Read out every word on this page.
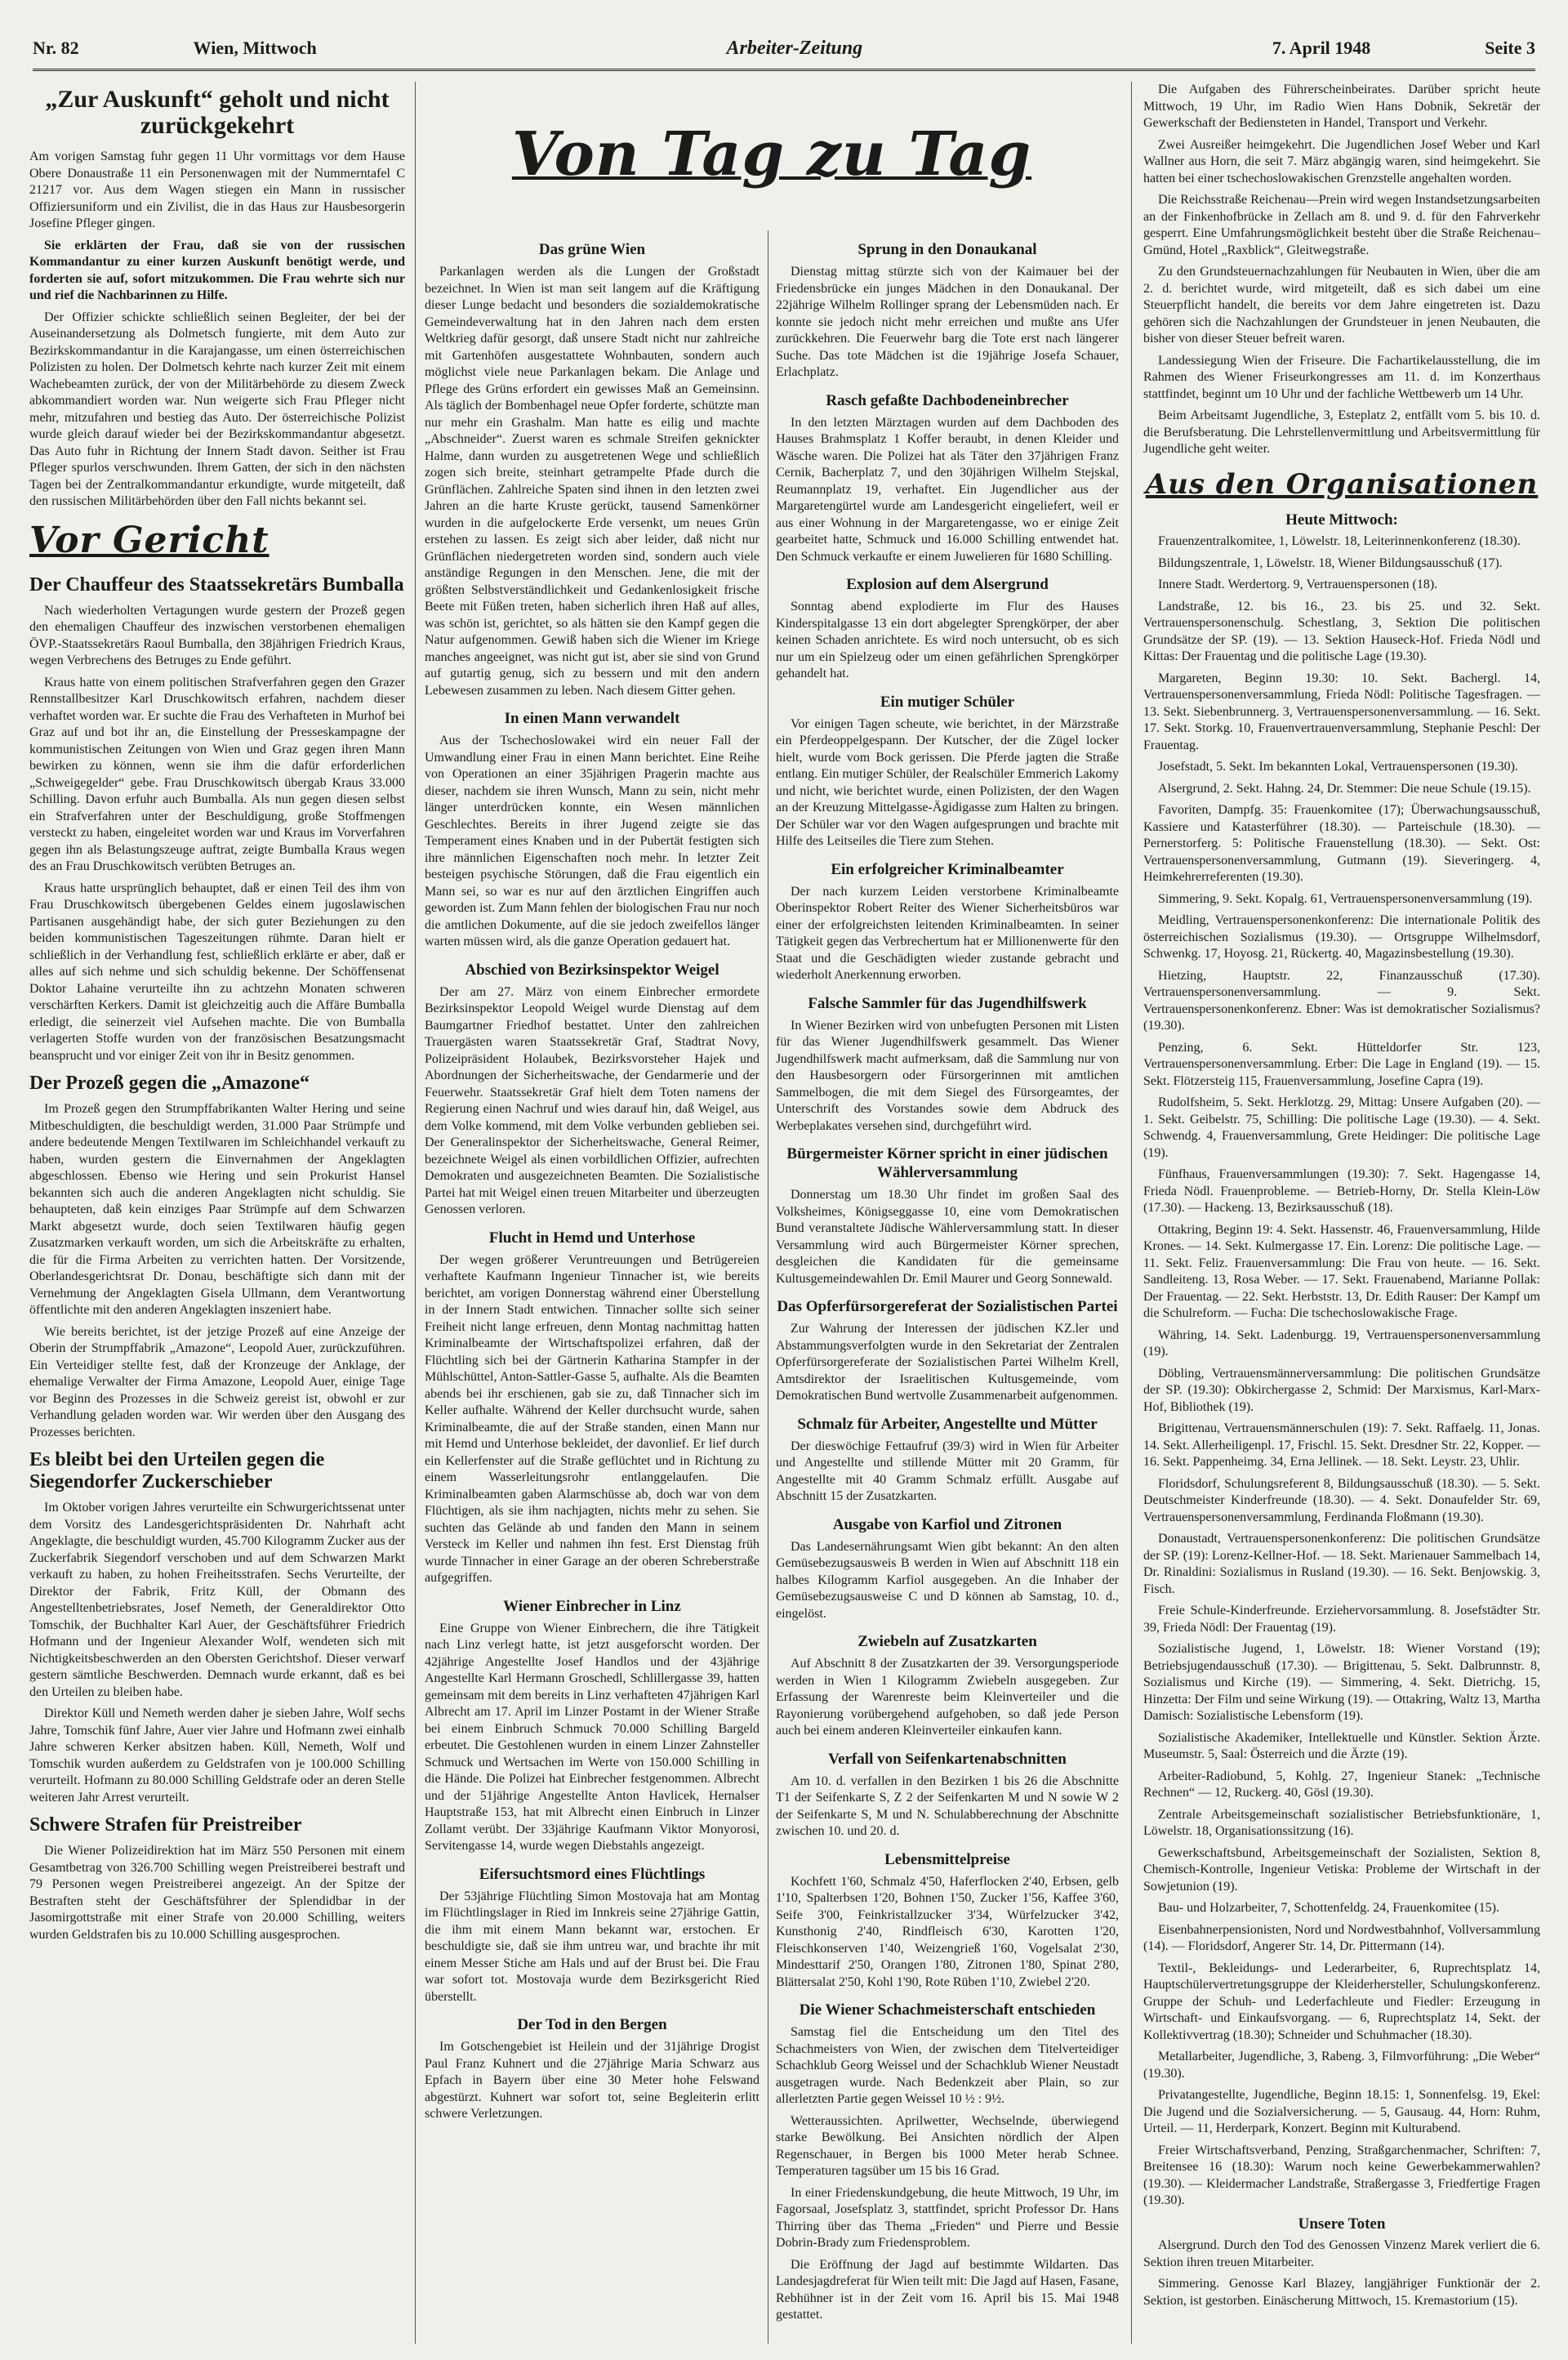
Nr. 82	Wien, Mittwoch	Arbeiter-Zeitung	7. April 1948	Seite 3
Von Tag zu Tag
„Zur Auskunft“ geholt und nicht zurückgekehrt

Am vorigen Samstag fuhr gegen 11 Uhr vormittags vor dem Hause Obere Donaustraße 11 ein Personenwagen mit der Nummerntafel C 21217 vor. Aus dem Wagen stiegen ein Mann in russischer Offiziersuniform und ein Zivilist, die in das Haus zur Hausbesorgerin Josefine Pfleger gingen.

Sie erklärten der Frau, daß sie von der russischen Kommandantur zu einer kurzen Auskunft benötigt werde, und forderten sie auf, sofort mitzukommen. Die Frau wehrte sich nur und rief die Nachbarinnen zu Hilfe.

Der Offizier schickte schließlich seinen Begleiter, der bei der Auseinandersetzung als Dolmetsch fungierte, mit dem Auto zur Bezirkskommandantur in die Karajangasse, um einen österreichischen Polizisten zu holen. Der Dolmetsch kehrte nach kurzer Zeit mit einem Wachebeamten zurück, der von der Militärbehörde zu diesem Zweck abkommandiert worden war. Nun weigerte sich Frau Pfleger nicht mehr, mitzufahren und bestieg das Auto. Der österreichische Polizist wurde gleich darauf wieder bei der Bezirkskommandantur abgesetzt. Das Auto fuhr in Richtung der Innern Stadt davon. Seither ist Frau Pfleger spurlos verschwunden. Ihrem Gatten, der sich in den nächsten Tagen bei der Zentralkommandantur erkundigte, wurde mitgeteilt, daß den russischen Militärbehörden über den Fall nichts bekannt sei.

Vor Gericht
Der Chauffeur des Staatssekretärs Bumballa

Nach wiederholten Vertagungen wurde gestern der Prozeß gegen den ehemaligen Chauffeur des inzwischen verstorbenen ehemaligen ÖVP.-Staatssekretärs Raoul Bumballa, den 38jährigen Friedrich Kraus, wegen Verbrechens des Betruges zu Ende geführt.

Kraus hatte von einem politischen Strafverfahren gegen den Grazer Rennstallbesitzer Karl Druschkowitsch erfahren, nachdem dieser verhaftet worden war. Er suchte die Frau des Verhafteten in Murhof bei Graz auf und bot ihr an, die Einstellung der Presseskampagne der kommunistischen Zeitungen von Wien und Graz gegen ihren Mann bewirken zu können, wenn sie ihm die dafür erforderlichen „Schweigegelder“ gebe. Frau Druschkowitsch übergab Kraus 33.000 Schilling. Davon erfuhr auch Bumballa. Als nun gegen diesen selbst ein Strafverfahren unter der Beschuldigung, große Stoffmengen versteckt zu haben, eingeleitet worden war und Kraus im Vorverfahren gegen ihn als Belastungszeuge auftrat, zeigte Bumballa Kraus wegen des an Frau Druschkowitsch verübten Betruges an.

Kraus hatte ursprünglich behauptet, daß er einen Teil des ihm von Frau Druschkowitsch übergebenen Geldes einem jugoslawischen Partisanen ausgehändigt habe, der sich guter Beziehungen zu den beiden kommunistischen Tageszeitungen rühmte. Daran hielt er schließlich in der Verhandlung fest, schließlich erklärte er aber, daß er alles auf sich nehme und sich schuldig bekenne. Der Schöffensenat Doktor Lahaine verurteilte ihn zu achtzehn Monaten schweren verschärften Kerkers. Damit ist gleichzeitig auch die Affäre Bumballa erledigt, die seinerzeit viel Aufsehen machte. Die von Bumballa verlagerten Stoffe wurden von der französischen Besatzungsmacht beansprucht und vor einiger Zeit von ihr in Besitz genommen.

Der Prozeß gegen die „Amazone“

Im Prozeß gegen den Strumpffabrikanten Walter Hering und seine Mitbeschuldigten, die beschuldigt werden, 31.000 Paar Strümpfe und andere bedeutende Mengen Textilwaren im Schleichhandel verkauft zu haben, wurden gestern die Einvernahmen der Angeklagten abgeschlossen. Ebenso wie Hering und sein Prokurist Hansel bekannten sich auch die anderen Angeklagten nicht schuldig. Sie behaupteten, daß kein einziges Paar Strümpfe auf dem Schwarzen Markt abgesetzt wurde, doch seien Textilwaren häufig gegen Zusatzmarken verkauft worden, um sich die Arbeitskräfte zu erhalten, die für die Firma Arbeiten zu verrichten hatten. Der Vorsitzende, Oberlandesgerichtsrat Dr. Donau, beschäftigte sich dann mit der Vernehmung der Angeklagten Gisela Ullmann, dem Verantwortung öffentlichte mit den anderen Angeklagten inszeniert habe.

Wie bereits berichtet, ist der jetzige Prozeß auf eine Anzeige der Oberin der Strumpffabrik „Amazone“, Leopold Auer, zurückzuführen. Ein Verteidiger stellte fest, daß der Kronzeuge der Anklage, der ehemalige Verwalter der Firma Amazone, Leopold Auer, einige Tage vor Beginn des Prozesses in die Schweiz gereist ist, obwohl er zur Verhandlung geladen worden war. Wir werden über den Ausgang des Prozesses berichten.

Es bleibt bei den Urteilen gegen die Siegendorfer Zuckerschieber

Im Oktober vorigen Jahres verurteilte ein Schwurgerichtssenat unter dem Vorsitz des Landesgerichtspräsidenten Dr. Nahrhaft acht Angeklagte, die beschuldigt wurden, 45.700 Kilogramm Zucker aus der Zuckerfabrik Siegendorf verschoben und auf dem Schwarzen Markt verkauft zu haben, zu hohen Freiheitsstrafen. Sechs Verurteilte, der Direktor der Fabrik, Fritz Küll, der Obmann des Angestelltenbetriebsrates, Josef Nemeth, der Generaldirektor Otto Tomschik, der Buchhalter Karl Auer, der Geschäftsführer Friedrich Hofmann und der Ingenieur Alexander Wolf, wendeten sich mit Nichtigkeitsbeschwerden an den Obersten Gerichtshof. Dieser verwarf gestern sämtliche Beschwerden. Demnach wurde erkannt, daß es bei den Urteilen zu bleiben habe.

Direktor Küll und Nemeth werden daher je sieben Jahre, Wolf sechs Jahre, Tomschik fünf Jahre, Auer vier Jahre und Hofmann zwei einhalb Jahre schweren Kerker absitzen haben. Küll, Nemeth, Wolf und Tomschik wurden außerdem zu Geldstrafen von je 100.000 Schilling verurteilt. Hofmann zu 80.000 Schilling Geldstrafe oder an deren Stelle weiteren Jahr Arrest verurteilt.

Schwere Strafen für Preistreiber

Die Wiener Polizeidirektion hat im März 550 Personen mit einem Gesamtbetrag von 326.700 Schilling wegen Preistreiberei bestraft und 79 Personen wegen Preistreiberei angezeigt. An der Spitze der Bestraften steht der Geschäftsführer der Splendidbar in der Jasomirgottstraße mit einer Strafe von 20.000 Schilling, weiters wurden Geldstrafen bis zu 10.000 Schilling ausgesprochen.

Das grüne Wien

Parkanlagen werden als die Lungen der Großstadt bezeichnet. In Wien ist man seit langem auf die Kräftigung dieser Lunge bedacht und besonders die sozialdemokratische Gemeindeverwaltung hat in den Jahren nach dem ersten Weltkrieg dafür gesorgt, daß unsere Stadt nicht nur zahlreiche mit Gartenhöfen ausgestattete Wohnbauten, sondern auch möglichst viele neue Parkanlagen bekam. Die Anlage und Pflege des Grüns erfordert ein gewisses Maß an Gemeinsinn. Als täglich der Bombenhagel neue Opfer forderte, schützte man nur mehr ein Grashalm. Man hatte es eilig und machte „Abschneider“. Zuerst waren es schmale Streifen geknickter Halme, dann wurden zu ausgetretenen Wege und schließlich zogen sich breite, steinhart getrampelte Pfade durch die Grünflächen. Zahlreiche Spaten sind ihnen in den letzten zwei Jahren an die harte Kruste gerückt, tausend Samenkörner wurden in die aufgelockerte Erde versenkt, um neues Grün erstehen zu lassen. Es zeigt sich aber leider, daß nicht nur Grünflächen niedergetreten worden sind, sondern auch viele anständige Regungen in den Menschen. Jene, die mit der größten Selbstverständlichkeit und Gedankenlosigkeit frische Beete mit Füßen treten, haben sicherlich ihren Haß auf alles, was schön ist, gerichtet, so als hätten sie den Kampf gegen die Natur aufgenommen. Gewiß haben sich die Wiener im Kriege manches angeeignet, was nicht gut ist, aber sie sind von Grund auf gutartig genug, sich zu bessern und mit den andern Lebewesen zusammen zu leben. Nach diesem Gitter gehen.

In einen Mann verwandelt

Aus der Tschechoslowakei wird ein neuer Fall der Umwandlung einer Frau in einen Mann berichtet. Eine Reihe von Operationen an einer 35jährigen Pragerin machte aus dieser, nachdem sie ihren Wunsch, Mann zu sein, nicht mehr länger unterdrücken konnte, ein Wesen männlichen Geschlechtes. Bereits in ihrer Jugend zeigte sie das Temperament eines Knaben und in der Pubertät festigten sich ihre männlichen Eigenschaften noch mehr. In letzter Zeit besteigen psychische Störungen, daß die Frau eigentlich ein Mann sei, so war es nur auf den ärztlichen Eingriffen auch geworden ist. Zum Mann fehlen der biologischen Frau nur noch die amtlichen Dokumente, auf die sie jedoch zweifellos länger warten müssen wird, als die ganze Operation gedauert hat.

Abschied von Bezirksinspektor Weigel

Der am 27. März von einem Einbrecher ermordete Bezirksinspektor Leopold Weigel wurde Dienstag auf dem Baumgartner Friedhof bestattet. Unter den zahlreichen Trauergästen waren Staatssekretär Graf, Stadtrat Novy, Polizeipräsident Holaubek, Bezirksvorsteher Hajek und Abordnungen der Sicherheitswache, der Gendarmerie und der Feuerwehr. Staatssekretär Graf hielt dem Toten namens der Regierung einen Nachruf und wies darauf hin, daß Weigel, aus dem Volke kommend, mit dem Volke verbunden geblieben sei. Der Generalinspektor der Sicherheitswache, General Reimer, bezeichnete Weigel als einen vorbildlichen Offizier, aufrechten Demokraten und ausgezeichneten Beamten. Die Sozialistische Partei hat mit Weigel einen treuen Mitarbeiter und überzeugten Genossen verloren.

Flucht in Hemd und Unterhose

Der wegen größerer Veruntreuungen und Betrügereien verhaftete Kaufmann Ingenieur Tinnacher ist, wie bereits berichtet, am vorigen Donnerstag während einer Überstellung in der Innern Stadt entwichen. Tinnacher sollte sich seiner Freiheit nicht lange erfreuen, denn Montag nachmittag hatten Kriminalbeamte der Wirtschaftspolizei erfahren, daß der Flüchtling sich bei der Gärtnerin Katharina Stampfer in der Mühlschüttel, Anton-Sattler-Gasse 5, aufhalte. Als die Beamten abends bei ihr erschienen, gab sie zu, daß Tinnacher sich im Keller aufhalte. Während der Keller durchsucht wurde, sahen Kriminalbeamte, die auf der Straße standen, einen Mann nur mit Hemd und Unterhose bekleidet, der davonlief. Er lief durch ein Kellerfenster auf die Straße geflüchtet und in Richtung zu einem Wasserleitungsrohr entlanggelaufen. Die Kriminalbeamten gaben Alarmschüsse ab, doch war von dem Flüchtigen, als sie ihm nachjagten, nichts mehr zu sehen. Sie suchten das Gelände ab und fanden den Mann in seinem Versteck im Keller und nahmen ihn fest. Erst Dienstag früh wurde Tinnacher in einer Garage an der oberen Schreberstraße aufgegriffen.

Wiener Einbrecher in Linz

Eine Gruppe von Wiener Einbrechern, die ihre Tätigkeit nach Linz verlegt hatte, ist jetzt ausgeforscht worden. Der 42jährige Angestellte Josef Handlos und der 43jährige Angestellte Karl Hermann Groschedl, Schlillergasse 39, hatten gemeinsam mit dem bereits in Linz verhafteten 47jährigen Karl Albrecht am 17. April im Linzer Postamt in der Wiener Straße bei einem Einbruch Schmuck 70.000 Schilling Bargeld erbeutet. Die Gestohlenen wurden in einem Linzer Zahnsteller Schmuck und Wertsachen im Werte von 150.000 Schilling in die Hände. Die Polizei hat Einbrecher festgenommen. Albrecht und der 51jährige Angestellte Anton Havlicek, Hernalser Hauptstraße 153, hat mit Albrecht einen Einbruch in Linzer Zollamt verübt. Der 33jährige Kaufmann Viktor Monyorosi, Servitengasse 14, wurde wegen Diebstahls angezeigt.

Eifersuchtsmord eines Flüchtlings

Der 53jährige Flüchtling Simon Mostovaja hat am Montag im Flüchtlingslager in Ried im Innkreis seine 27jährige Gattin, die ihm mit einem Mann bekannt war, erstochen. Er beschuldigte sie, daß sie ihm untreu war, und brachte ihr mit einem Messer Stiche am Hals und auf der Brust bei. Die Frau war sofort tot. Mostovaja wurde dem Bezirksgericht Ried überstellt.

Der Tod in den Bergen

Im Gotschengebiet ist Heilein und der 31jährige Drogist Paul Franz Kuhnert und die 27jährige Maria Schwarz aus Epfach in Bayern über eine 30 Meter hohe Felswand abgestürzt. Kuhnert war sofort tot, seine Begleiterin erlitt schwere Verletzungen.

Sprung in den Donaukanal

Dienstag mittag stürzte sich von der Kaimauer bei der Friedensbrücke ein junges Mädchen in den Donaukanal. Der 22jährige Wilhelm Rollinger sprang der Lebensmüden nach. Er konnte sie jedoch nicht mehr erreichen und mußte ans Ufer zurückkehren. Die Feuerwehr barg die Tote erst nach längerer Suche. Das tote Mädchen ist die 19jährige Josefa Schauer, Erlachplatz.

Rasch gefaßte Dachbodeneinbrecher

In den letzten Märztagen wurden auf dem Dachboden des Hauses Brahmsplatz 1 Koffer beraubt, in denen Kleider und Wäsche waren. Die Polizei hat als Täter den 37jährigen Franz Cernik, Bacherplatz 7, und den 30jährigen Wilhelm Stejskal, Reumannplatz 19, verhaftet. Ein Jugendlicher aus der Margaretengürtel wurde am Landesgericht eingeliefert, weil er aus einer Wohnung in der Margaretengasse, wo er einige Zeit gearbeitet hatte, Schmuck und 16.000 Schilling entwendet hat. Den Schmuck verkaufte er einem Juwelieren für 1680 Schilling.

Explosion auf dem Alsergrund

Sonntag abend explodierte im Flur des Hauses Kinderspitalgasse 13 ein dort abgelegter Sprengkörper, der aber keinen Schaden anrichtete. Es wird noch untersucht, ob es sich nur um ein Spielzeug oder um einen gefährlichen Sprengkörper gehandelt hat.

Ein mutiger Schüler

Vor einigen Tagen scheute, wie berichtet, in der Märzstraße ein Pferdeoppelgespann. Der Kutscher, der die Zügel locker hielt, wurde vom Bock gerissen. Die Pferde jagten die Straße entlang. Ein mutiger Schüler, der Realschüler Emmerich Lakomy und nicht, wie berichtet wurde, einen Polizisten, der den Wagen an der Kreuzung Mittelgasse-Ägidigasse zum Halten zu bringen. Der Schüler war vor den Wagen aufgesprungen und brachte mit Hilfe des Leitseiles die Tiere zum Stehen.

Ein erfolgreicher Kriminalbeamter

Der nach kurzem Leiden verstorbene Kriminalbeamte Oberinspektor Robert Reiter des Wiener Sicherheitsbüros war einer der erfolgreichsten leitenden Kriminalbeamten. In seiner Tätigkeit gegen das Verbrechertum hat er Millionenwerte für den Staat und die Geschädigten wieder zustande gebracht und wiederholt Anerkennung erworben.

Falsche Sammler für das Jugendhilfswerk

In Wiener Bezirken wird von unbefugten Personen mit Listen für das Wiener Jugendhilfswerk gesammelt. Das Wiener Jugendhilfswerk macht aufmerksam, daß die Sammlung nur von den Hausbesorgern oder Fürsorgerinnen mit amtlichen Sammelbogen, die mit dem Siegel des Fürsorgeamtes, der Unterschrift des Vorstandes sowie dem Abdruck des Werbeplakates versehen sind, durchgeführt wird.

Bürgermeister Körner spricht in einer jüdischen Wählerversammlung

Donnerstag um 18.30 Uhr findet im großen Saal des Volksheimes, Königseggasse 10, eine vom Demokratischen Bund veranstaltete Jüdische Wählerversammlung statt. In dieser Versammlung wird auch Bürgermeister Körner sprechen, desgleichen die Kandidaten für die gemeinsame Kultusgemeindewahlen Dr. Emil Maurer und Georg Sonnewald.

Das Opferfürsorgereferat der Sozialistischen Partei

Zur Wahrung der Interessen der jüdischen KZ.ler und Abstammungsverfolgten wurde in den Sekretariat der Zentralen Opferfürsorgereferate der Sozialistischen Partei Wilhelm Krell, Amtsdirektor der Israelitischen Kultusgemeinde, vom Demokratischen Bund wertvolle Zusammenarbeit aufgenommen.

Schmalz für Arbeiter, Angestellte und Mütter

Der dieswöchige Fettaufruf (39/3) wird in Wien für Arbeiter und Angestellte und stillende Mütter mit 20 Gramm, für Angestellte mit 40 Gramm Schmalz erfüllt. Ausgabe auf Abschnitt 15 der Zusatzkarten.

Ausgabe von Karfiol und Zitronen

Das Landesernährungsamt Wien gibt bekannt: An den alten Gemüsebezugsausweis B werden in Wien auf Abschnitt 118 ein halbes Kilogramm Karfiol ausgegeben. An die Inhaber der Gemüsebezugsausweise C und D können ab Samstag, 10. d., eingelöst.

Zwiebeln auf Zusatzkarten

Auf Abschnitt 8 der Zusatzkarten der 39. Versorgungsperiode werden in Wien 1 Kilogramm Zwiebeln ausgegeben. Zur Erfassung der Warenreste beim Kleinverteiler und die Rayonierung vorübergehend aufgehoben, so daß jede Person auch bei einem anderen Kleinverteiler einkaufen kann.

Verfall von Seifenkartenabschnitten

Am 10. d. verfallen in den Bezirken 1 bis 26 die Abschnitte T1 der Seifenkarte S, Z 2 der Seifenkarten M und N sowie W 2 der Seifenkarte S, M und N. Schulabberechnung der Abschnitte zwischen 10. und 20. d.

Lebensmittelpreise

Kochfett 1'60, Schmalz 4'50, Haferflocken 2'40, Erbsen, gelb 1'10, Spalterbsen 1'20, Bohnen 1'50, Zucker 1'56, Kaffee 3'60, Seife 3'00, Feinkristallzucker 3'34, Würfelzucker 3'42, Kunsthonig 2'40, Rindfleisch 6'30, Karotten 1'20, Fleischkonserven 1'40, Weizengrieß 1'60, Vogelsalat 2'30, Mindesttarif 2'50, Orangen 1'80, Zitronen 1'80, Spinat 2'80, Blättersalat 2'50, Kohl 1'90, Rote Rüben 1'10, Zwiebel 2'20.

Die Wiener Schachmeisterschaft entschieden

Samstag fiel die Entscheidung um den Titel des Schachmeisters von Wien, der zwischen dem Titelverteidiger Schachklub Georg Weissel und der Schachklub Wiener Neustadt ausgetragen wurde. Nach Bedenkzeit aber Plain, so zur allerletzten Partie gegen Weissel 10 ½ : 9½.

Wetteraussichten. Aprilwetter, Wechselnde, überwiegend starke Bewölkung. Bei Ansichten nördlich der Alpen Regenschauer, in Bergen bis 1000 Meter herab Schnee. Temperaturen tagsüber um 15 bis 16 Grad.

In einer Friedenskundgebung, die heute Mittwoch, 19 Uhr, im Fagorsaal, Josefsplatz 3, stattfindet, spricht Professor Dr. Hans Thirring über das Thema „Frieden“ und Pierre und Bessie Dobrin-Brady zum Friedensproblem.

Die Eröffnung der Jagd auf bestimmte Wildarten. Das Landesjagdreferat für Wien teilt mit: Die Jagd auf Hasen, Fasane, Rebhühner ist in der Zeit vom 16. April bis 15. Mai 1948 gestattet.

Die Aufgaben des Führerscheinbeirates. Darüber spricht heute Mittwoch, 19 Uhr, im Radio Wien Hans Dobnik, Sekretär der Gewerkschaft der Bediensteten in Handel, Transport und Verkehr.

Zwei Ausreißer heimgekehrt. Die Jugendlichen Josef Weber und Karl Wallner aus Horn, die seit 7. März abgängig waren, sind heimgekehrt. Sie hatten bei einer tschechoslowakischen Grenzstelle angehalten worden.

Die Reichsstraße Reichenau—Prein wird wegen Instandsetzungsarbeiten an der Finkenhofbrücke in Zellach am 8. und 9. d. für den Fahrverkehr gesperrt. Eine Umfahrungsmöglichkeit besteht über die Straße Reichenau–Gmünd, Hotel „Raxblick“, Gleitwegstraße.

Zu den Grundsteuernachzahlungen für Neubauten in Wien, über die am 2. d. berichtet wurde, wird mitgeteilt, daß es sich dabei um eine Steuerpflicht handelt, die bereits vor dem Jahre eingetreten ist. Dazu gehören sich die Nachzahlungen der Grundsteuer in jenen Neubauten, die bisher von dieser Steuer befreit waren.

Landessiegung Wien der Friseure. Die Fachartikelausstellung, die im Rahmen des Wiener Friseurkongresses am 11. d. im Konzerthaus stattfindet, beginnt um 10 Uhr und der fachliche Wettbewerb um 14 Uhr.

Beim Arbeitsamt Jugendliche, 3, Esteplatz 2, entfällt vom 5. bis 10. d. die Berufsberatung. Die Lehrstellenvermittlung und Arbeitsvermittlung für Jugendliche geht weiter.

Aus den Organisationen
Heute Mittwoch:

Frauenzentralkomitee, 1, Löwelstr. 18, Leiterinnenkonferenz (18.30).

Bildungszentrale, 1, Löwelstr. 18, Wiener Bildungsausschuß (17).

Innere Stadt. Werdertorg. 9, Vertrauenspersonen (18).

Landstraße, 12. bis 16., 23. bis 25. und 32. Sekt. Vertrauenspersonenschulg. Schestlang, 3, Sektion Die politischen Grundsätze der SP. (19). — 13. Sektion Hauseck-Hof. Frieda Nödl und Kittas: Der Frauentag und die politische Lage (19.30).

Margareten, Beginn 19.30: 10. Sekt. Bachergl. 14, Vertrauenspersonenversammlung, Frieda Nödl: Politische Tagesfragen. — 13. Sekt. Siebenbrunnerg. 3, Vertrauenspersonenversammlung. — 16. Sekt. 17. Sekt. Storkg. 10, Frauenvertrauenversammlung, Stephanie Peschl: Der Frauentag.

Josefstadt, 5. Sekt. Im bekannten Lokal, Vertrauenspersonen (19.30).

Alsergrund, 2. Sekt. Hahng. 24, Dr. Stemmer: Die neue Schule (19.15).

Favoriten, Dampfg. 35: Frauenkomitee (17); Überwachungsausschuß, Kassiere und Katasterführer (18.30). — Parteischule (18.30). — Pernerstorferg. 5: Politische Frauenstellung (18.30). — Sekt. Ost: Vertrauenspersonenversammlung, Gutmann (19). Sieveringerg. 4, Heimkehrerreferenten (19.30).

Simmering, 9. Sekt. Kopalg. 61, Vertrauenspersonenversammlung (19).

Meidling, Vertrauenspersonenkonferenz: Die internationale Politik des österreichischen Sozialismus (19.30). — Ortsgruppe Wilhelmsdorf, Schwenkg. 17, Hoyosg. 21, Rückertg. 40, Magazinsbestellung (19.30).

Hietzing, Hauptstr. 22, Finanzausschuß (17.30). Vertrauenspersonenversammlung. — 9. Sekt. Vertrauenspersonenkonferenz. Ebner: Was ist demokratischer Sozialismus? (19.30).

Penzing, 6. Sekt. Hütteldorfer Str. 123, Vertrauenspersonenversammlung. Erber: Die Lage in England (19). — 15. Sekt. Flötzersteig 115, Frauenversammlung, Josefine Capra (19).

Rudolfsheim, 5. Sekt. Herklotzg. 29, Mittag: Unsere Aufgaben (20). — 1. Sekt. Geibelstr. 75, Schilling: Die politische Lage (19.30). — 4. Sekt. Schwendg. 4, Frauenversammlung, Grete Heidinger: Die politische Lage (19).

Fünfhaus, Frauenversammlungen (19.30): 7. Sekt. Hagengasse 14, Frieda Nödl. Frauenprobleme. — Betrieb-Horny, Dr. Stella Klein-Löw (17.30). — Hackeng. 13, Bezirksausschuß (18).

Ottakring, Beginn 19: 4. Sekt. Hassenstr. 46, Frauenversammlung, Hilde Krones. — 14. Sekt. Kulmergasse 17. Ein. Lorenz: Die politische Lage. — 11. Sekt. Feliz. Frauenversammlung: Die Frau von heute. — 16. Sekt. Sandleiteng. 13, Rosa Weber. — 17. Sekt. Frauenabend, Marianne Pollak: Der Frauentag. — 22. Sekt. Herbststr. 13, Dr. Edith Rauser: Der Kampf um die Schulreform. — Fucha: Die tschechoslowakische Frage.

Währing, 14. Sekt. Ladenburgg. 19, Vertrauenspersonenversammlung (19).

Döbling, Vertrauensmännerversammlung: Die politischen Grundsätze der SP. (19.30): Obkirchergasse 2, Schmid: Der Marxismus, Karl-Marx-Hof, Bibliothek (19).

Brigittenau, Vertrauensmännerschulen (19): 7. Sekt. Raffaelg. 11, Jonas. 14. Sekt. Allerheiligenpl. 17, Frischl. 15. Sekt. Dresdner Str. 22, Kopper. — 16. Sekt. Pappenheimg. 34, Erna Jellinek. — 18. Sekt. Leystr. 23, Uhlir.

Floridsdorf, Schulungsreferent 8, Bildungsausschuß (18.30). — 5. Sekt. Deutschmeister Kinderfreunde (18.30). — 4. Sekt. Donaufelder Str. 69, Vertrauenspersonenversammlung, Ferdinanda Floßmann (19.30).

Donaustadt, Vertrauenspersonenkonferenz: Die politischen Grundsätze der SP. (19): Lorenz-Kellner-Hof. — 18. Sekt. Marienauer Sammelbach 14, Dr. Rinaldini: Sozialismus in Rusland (19.30). — 16. Sekt. Benjowskig. 3, Fisch.

Freie Schule-Kinderfreunde. Erziehervorsammlung. 8. Josefstädter Str. 39, Frieda Nödl: Der Frauentag (19).

Sozialistische Jugend, 1, Löwelstr. 18: Wiener Vorstand (19); Betriebsjugendausschuß (17.30). — Brigittenau, 5. Sekt. Dalbrunnstr. 8, Sozialismus und Kirche (19). — Simmering, 4. Sekt. Dietrichg. 15, Hinzetta: Der Film und seine Wirkung (19). — Ottakring, Waltz 13, Martha Damisch: Sozialistische Lebensform (19).

Sozialistische Akademiker, Intellektuelle und Künstler. Sektion Ärzte. Museumstr. 5, Saal: Österreich und die Ärzte (19).

Arbeiter-Radiobund, 5, Kohlg. 27, Ingenieur Stanek: „Technische Rechnen“ — 12, Ruckerg. 40, Gösl (19.30).

Zentrale Arbeitsgemeinschaft sozialistischer Betriebsfunktionäre, 1, Löwelstr. 18, Organisationssitzung (16).

Gewerkschaftsbund, Arbeitsgemeinschaft der Sozialisten, Sektion 8, Chemisch-Kontrolle, Ingenieur Vetiska: Probleme der Wirtschaft in der Sowjetunion (19).

Bau- und Holzarbeiter, 7, Schottenfeldg. 24, Frauenkomitee (15).

Eisenbahnerpensionisten, Nord und Nordwestbahnhof, Vollversammlung (14). — Floridsdorf, Angerer Str. 14, Dr. Pittermann (14).

Textil-, Bekleidungs- und Lederarbeiter, 6, Ruprechtsplatz 14, Hauptschülervertretungsgruppe der Kleiderhersteller, Schulungskonferenz. Gruppe der Schuh- und Lederfachleute und Fiedler: Erzeugung in Wirtschaft- und Einkaufsvorgang. — 6, Ruprechtsplatz 14, Sekt. der Kollektivvertrag (18.30); Schneider und Schuhmacher (18.30).

Metallarbeiter, Jugendliche, 3, Rabeng. 3, Filmvorführung: „Die Weber“ (19.30).

Privatangestellte, Jugendliche, Beginn 18.15: 1, Sonnenfelsg. 19, Ekel: Die Jugend und die Sozialversicherung. — 5, Gausaug. 44, Horn: Ruhm, Urteil. — 11, Herderpark, Konzert. Beginn mit Kulturabend.

Freier Wirtschaftsverband, Penzing, Straßgarchenmacher, Schriften: 7, Breitensee 16 (18.30): Warum noch keine Gewerbekammerwahlen? (19.30). — Kleidermacher Landstraße, Straßergasse 3, Friedfertige Fragen (19.30).

Unsere Toten

Alsergrund. Durch den Tod des Genossen Vinzenz Marek verliert die 6. Sektion ihren treuen Mitarbeiter.

Simmering. Genosse Karl Blazey, langjähriger Funktionär der 2. Sektion, ist gestorben. Einäscherung Mittwoch, 15. Kremastorium (15).
